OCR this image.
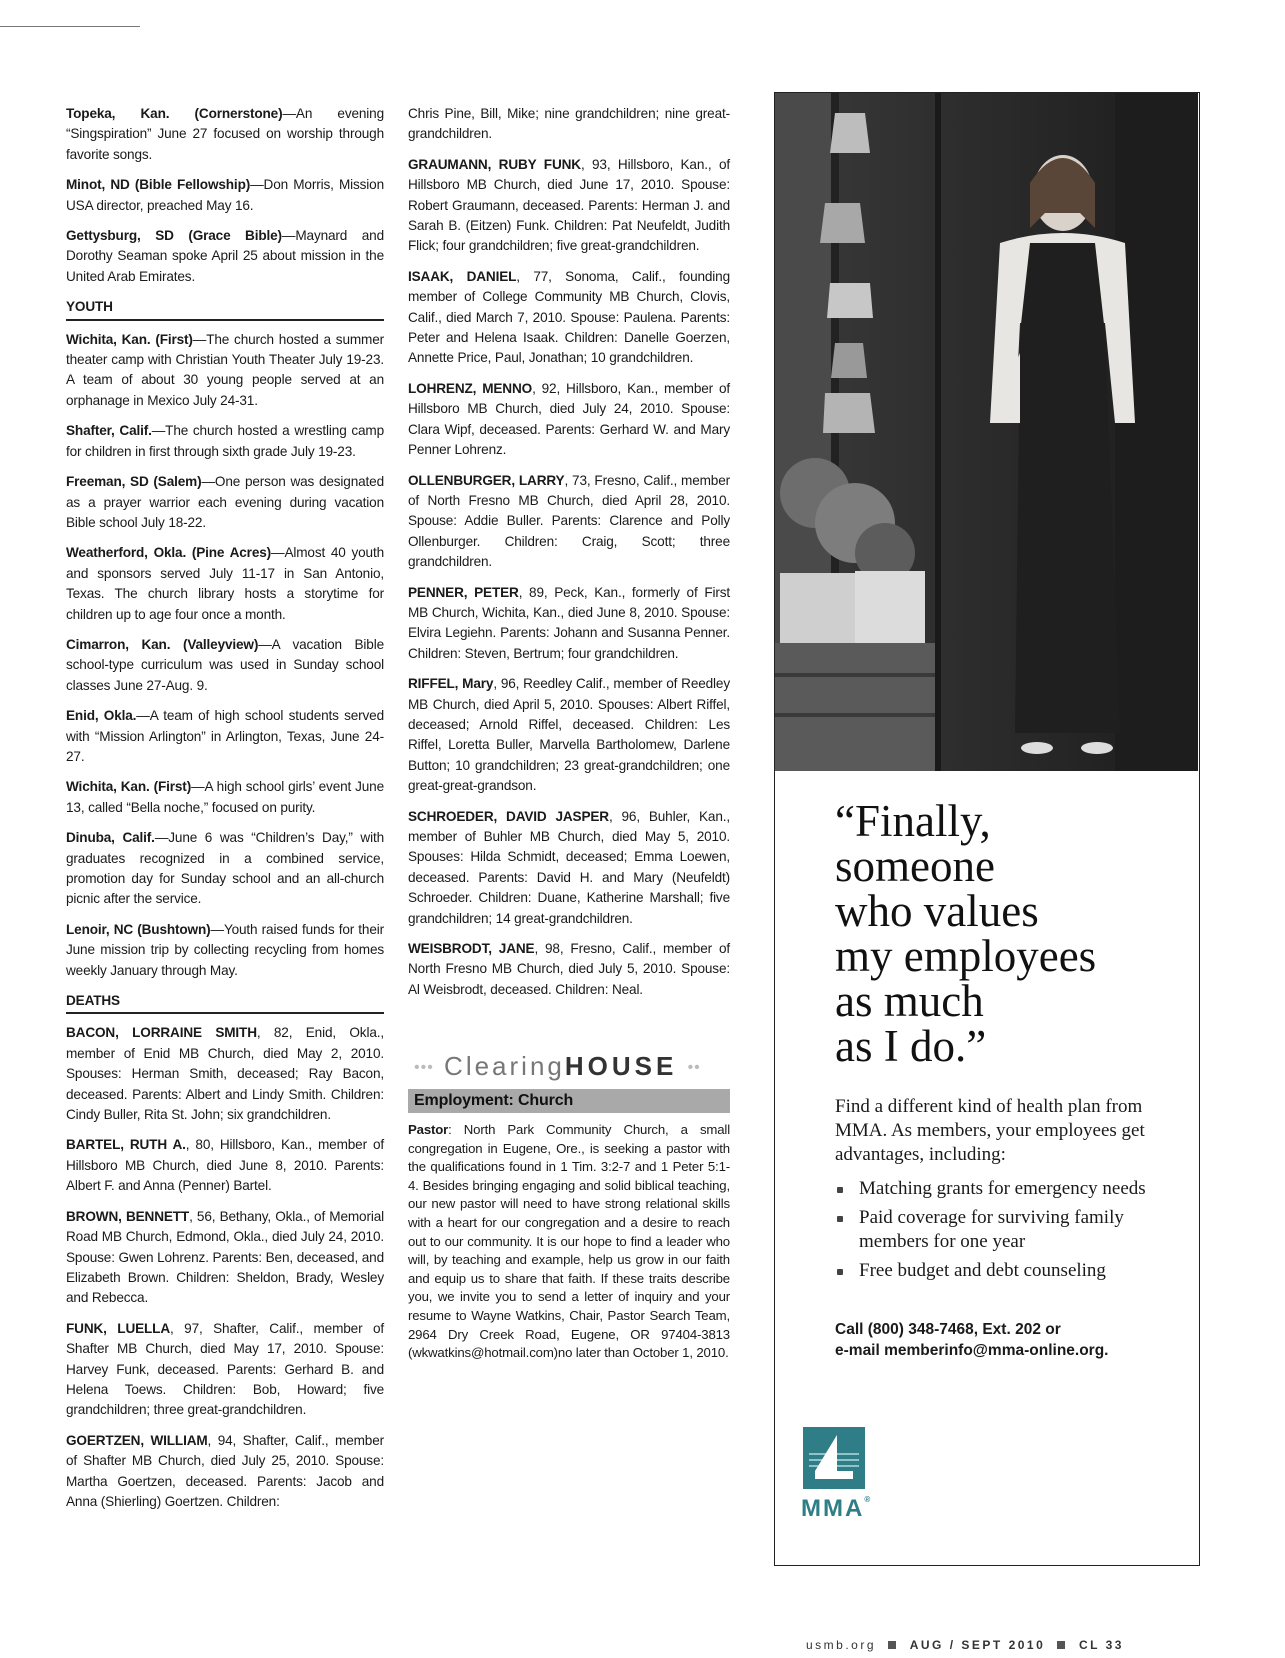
Topeka, Kan. (Cornerstone)—An evening “Singspiration” June 27 focused on worship through favorite songs.

Minot, ND (Bible Fellowship)—Don Morris, Mission USA director, preached May 16.

Gettysburg, SD (Grace Bible)—Maynard and Dorothy Seaman spoke April 25 about mission in the United Arab Emirates.

YOUTH

Wichita, Kan. (First)—The church hosted a summer theater camp with Christian Youth Theater July 19-23. A team of about 30 young people served at an orphanage in Mexico July 24-31.

Shafter, Calif.—The church hosted a wrestling camp for children in first through sixth grade July 19-23.

Freeman, SD (Salem)—One person was designated as a prayer warrior each evening during vacation Bible school July 18-22.

Weatherford, Okla. (Pine Acres)—Almost 40 youth and sponsors served July 11-17 in San Antonio, Texas. The church library hosts a storytime for children up to age four once a month.

Cimarron, Kan. (Valleyview)—A vacation Bible school-type curriculum was used in Sunday school classes June 27-Aug. 9.

Enid, Okla.—A team of high school students served with “Mission Arlington” in Arlington, Texas, June 24-27.

Wichita, Kan. (First)—A high school girls’ event June 13, called “Bella noche,” focused on purity.

Dinuba, Calif.—June 6 was “Children’s Day,” with graduates recognized in a combined service, promotion day for Sunday school and an all-church picnic after the service.

Lenoir, NC (Bushtown)—Youth raised funds for their June mission trip by collecting recycling from homes weekly January through May.

DEATHS

BACON, LORRAINE SMITH, 82, Enid, Okla., member of Enid MB Church, died May 2, 2010. Spouses: Herman Smith, deceased; Ray Bacon, deceased. Parents: Albert and Lindy Smith. Children: Cindy Buller, Rita St. John; six grandchildren.

BARTEL, RUTH A., 80, Hillsboro, Kan., member of Hillsboro MB Church, died June 8, 2010. Parents: Albert F. and Anna (Penner) Bartel.

BROWN, BENNETT, 56, Bethany, Okla., of Memorial Road MB Church, Edmond, Okla., died July 24, 2010. Spouse: Gwen Lohrenz. Parents: Ben, deceased, and Elizabeth Brown. Children: Sheldon, Brady, Wesley and Rebecca.

FUNK, LUELLA, 97, Shafter, Calif., member of Shafter MB Church, died May 17, 2010. Spouse: Harvey Funk, deceased. Parents: Gerhard B. and Helena Toews. Children: Bob, Howard; five grandchildren; three great-grandchildren.

GOERTZEN, WILLIAM, 94, Shafter, Calif., member of Shafter MB Church, died July 25, 2010. Spouse: Martha Goertzen, deceased. Parents: Jacob and Anna (Shierling) Goertzen. Children:

Chris Pine, Bill, Mike; nine grandchildren; nine great-grandchildren.

GRAUMANN, RUBY FUNK, 93, Hillsboro, Kan., of Hillsboro MB Church, died June 17, 2010. Spouse: Robert Graumann, deceased. Parents: Herman J. and Sarah B. (Eitzen) Funk. Children: Pat Neufeldt, Judith Flick; four grandchildren; five great-grandchildren.

ISAAK, DANIEL, 77, Sonoma, Calif., founding member of College Community MB Church, Clovis, Calif., died March 7, 2010. Spouse: Paulena. Parents: Peter and Helena Isaak. Children: Danelle Goerzen, Annette Price, Paul, Jonathan; 10 grandchildren.

LOHRENZ, MENNO, 92, Hillsboro, Kan., member of Hillsboro MB Church, died July 24, 2010. Spouse: Clara Wipf, deceased. Parents: Gerhard W. and Mary Penner Lohrenz.

OLLENBURGER, LARRY, 73, Fresno, Calif., member of North Fresno MB Church, died April 28, 2010. Spouse: Addie Buller. Parents: Clarence and Polly Ollenburger. Children: Craig, Scott; three grandchildren.

PENNER, PETER, 89, Peck, Kan., formerly of First MB Church, Wichita, Kan., died June 8, 2010. Spouse: Elvira Legiehn. Parents: Johann and Susanna Penner. Children: Steven, Bertrum; four grandchildren.

RIFFEL, Mary, 96, Reedley Calif., member of Reedley MB Church, died April 5, 2010. Spouses: Albert Riffel, deceased; Arnold Riffel, deceased. Children: Les Riffel, Loretta Buller, Marvella Bartholomew, Darlene Button; 10 grandchildren; 23 great-grandchildren; one great-great-grandson.

SCHROEDER, DAVID JASPER, 96, Buhler, Kan., member of Buhler MB Church, died May 5, 2010. Spouses: Hilda Schmidt, deceased; Emma Loewen, deceased. Parents: David H. and Mary (Neufeldt) Schroeder. Children: Duane, Katherine Marshall; five grandchildren; 14 great-grandchildren.

WEISBRODT, JANE, 98, Fresno, Calif., member of North Fresno MB Church, died July 5, 2010. Spouse: Al Weisbrodt, deceased. Children: Neal.

••• ClearingHOUSE ••
Employment: Church

Pastor: North Park Community Church, a small congregation in Eugene, Ore., is seeking a pastor with the qualifications found in 1 Tim. 3:2-7 and 1 Peter 5:1-4. Besides bringing engaging and solid biblical teaching, our new pastor will need to have strong relational skills with a heart for our congregation and a desire to reach out to our community. It is our hope to find a leader who will, by teaching and example, help us grow in our faith and equip us to share that faith. If these traits describe you, we invite you to send a letter of inquiry and your resume to Wayne Watkins, Chair, Pastor Search Team, 2964 Dry Creek Road, Eugene, OR 97404-3813 (wkwatkins@hotmail.com)no later than October 1, 2010.

“Finally,
someone
who values
my employees
as much
as I do.”
Find a different kind of health plan from MMA. As members, your employees get advantages, including:
Matching grants for emergency needs
Paid coverage for surviving family members for one year
Free budget and debt counseling
Call (800) 348-7468, Ext. 202 or
e-mail memberinfo@mma-online.org.
MMA®
usmb.org	AUG / SEPT 2010	CL 33
